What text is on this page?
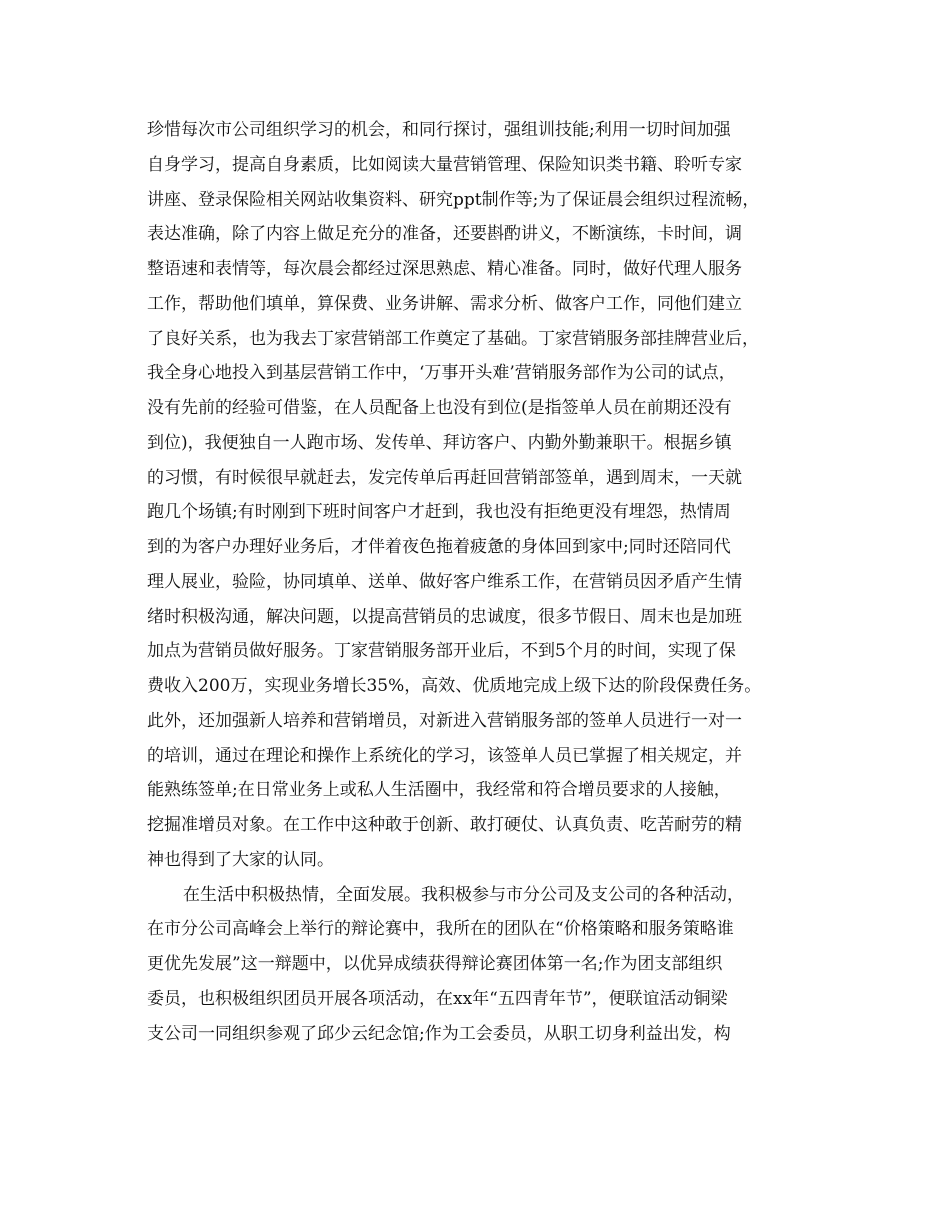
珍惜每次市公司组织学习的机会，和同行探讨，强组训技能;利用一切时间加强
自身学习，提高自身素质，比如阅读大量营销管理、保险知识类书籍、聆听专家
讲座、登录保险相关网站收集资料、研究ppt制作等;为了保证晨会组织过程流畅，
表达准确，除了内容上做足充分的准备，还要斟酌讲义，不断演练，卡时间，调
整语速和表情等，每次晨会都经过深思熟虑、精心准备。同时，做好代理人服务
工作，帮助他们填单，算保费、业务讲解、需求分析、做客户工作，同他们建立
了良好关系，也为我去丁家营销部工作奠定了基础。丁家营销服务部挂牌营业后，
我全身心地投入到基层营销工作中，‘万事开头难’营销服务部作为公司的试点，
没有先前的经验可借鉴，在人员配备上也没有到位(是指签单人员在前期还没有
到位)，我便独自一人跑市场、发传单、拜访客户、内勤外勤兼职干。根据乡镇
的习惯，有时候很早就赶去，发完传单后再赶回营销部签单，遇到周末，一天就
跑几个场镇;有时刚到下班时间客户才赶到，我也没有拒绝更没有埋怨，热情周
到的为客户办理好业务后，才伴着夜色拖着疲惫的身体回到家中;同时还陪同代
理人展业，验险，协同填单、送单、做好客户维系工作，在营销员因矛盾产生情
绪时积极沟通，解决问题，以提高营销员的忠诚度，很多节假日、周末也是加班
加点为营销员做好服务。丁家营销服务部开业后，不到5个月的时间，实现了保
费收入200万，实现业务增长35%，高效、优质地完成上级下达的阶段保费任务。
此外，还加强新人培养和营销增员，对新进入营销服务部的签单人员进行一对一
的培训，通过在理论和操作上系统化的学习，该签单人员已掌握了相关规定，并
能熟练签单;在日常业务上或私人生活圈中，我经常和符合增员要求的人接触，
挖掘准增员对象。在工作中这种敢于创新、敢打硬仗、认真负责、吃苦耐劳的精
神也得到了大家的认同。
在生活中积极热情，全面发展。我积极参与市分公司及支公司的各种活动，
在市分公司高峰会上举行的辩论赛中，我所在的团队在“价格策略和服务策略谁
更优先发展”这一辩题中，以优异成绩获得辩论赛团体第一名;作为团支部组织
委员，也积极组织团员开展各项活动，在xx年“五四青年节”，便联谊活动铜梁
支公司一同组织参观了邱少云纪念馆;作为工会委员，从职工切身利益出发，构
